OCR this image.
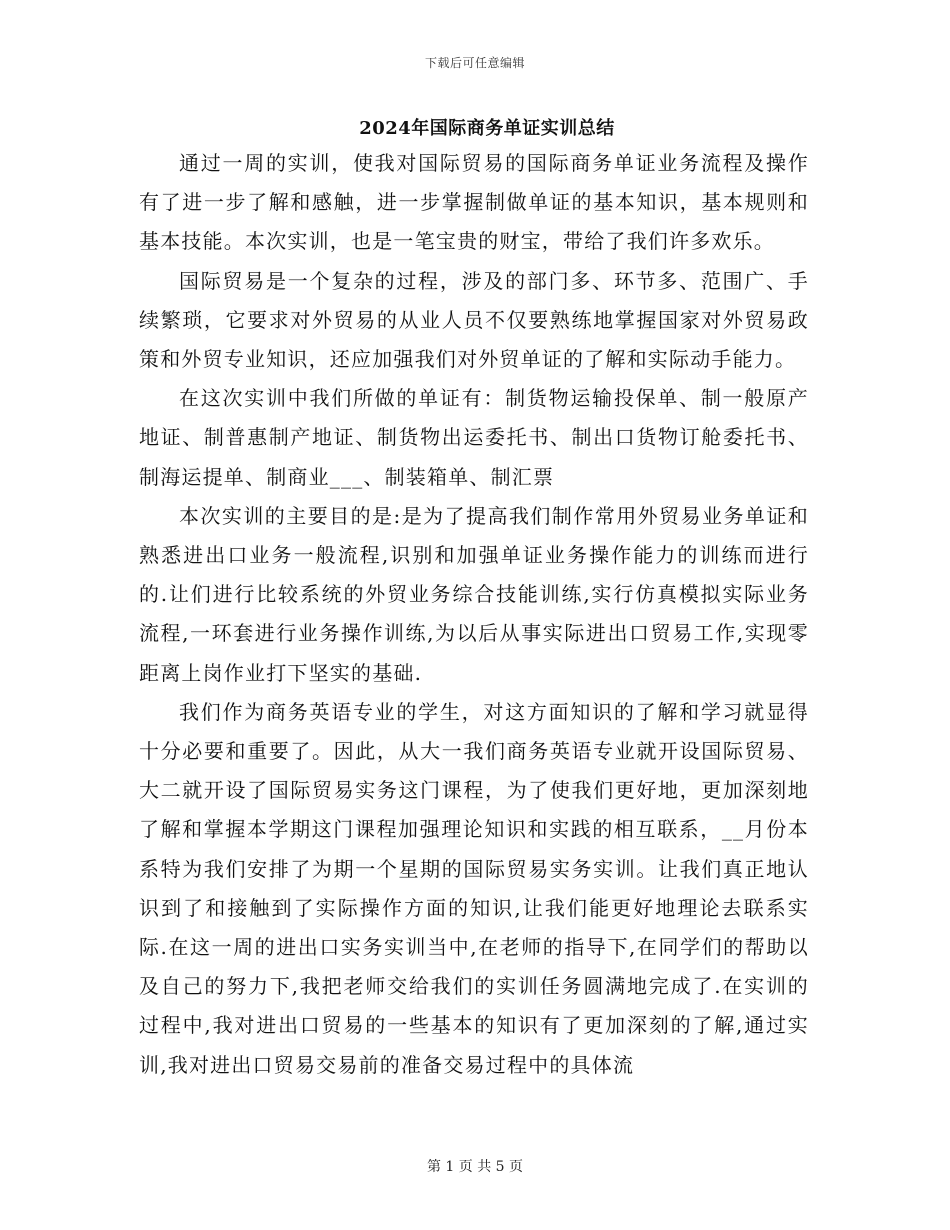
下载后可任意编辑
2024年国际商务单证实训总结

通过一周的实训，使我对国际贸易的国际商务单证业务流程及操作有了进一步了解和感触，进一步掌握制做单证的基本知识，基本规则和基本技能。本次实训，也是一笔宝贵的财宝，带给了我们许多欢乐。

国际贸易是一个复杂的过程，涉及的部门多、环节多、范围广、手续繁琐，它要求对外贸易的从业人员不仅要熟练地掌握国家对外贸易政策和外贸专业知识，还应加强我们对外贸单证的了解和实际动手能力。

在这次实训中我们所做的单证有：制货物运输投保单、制一般原产地证、制普惠制产地证、制货物出运委托书、制出口货物订舱委托书、制海运提单、制商业___、制装箱单、制汇票

本次实训的主要目的是:是为了提高我们制作常用外贸易业务单证和熟悉进出口业务一般流程,识别和加强单证业务操作能力的训练而进行的.让们进行比较系统的外贸业务综合技能训练,实行仿真模拟实际业务流程,一环套进行业务操作训练,为以后从事实际进出口贸易工作,实现零距离上岗作业打下坚实的基础.

我们作为商务英语专业的学生，对这方面知识的了解和学习就显得十分必要和重要了。因此，从大一我们商务英语专业就开设国际贸易、大二就开设了国际贸易实务这门课程，为了使我们更好地，更加深刻地了解和掌握本学期这门课程加强理论知识和实践的相互联系，__月份本系特为我们安排了为期一个星期的国际贸易实务实训。让我们真正地认识到了和接触到了实际操作方面的知识,让我们能更好地理论去联系实际.在这一周的进出口实务实训当中,在老师的指导下,在同学们的帮助以及自己的努力下,我把老师交给我们的实训任务圆满地完成了.在实训的过程中,我对进出口贸易的一些基本的知识有了更加深刻的了解,通过实训,我对进出口贸易交易前的准备交易过程中的具体流

第 1 页 共 5 页
